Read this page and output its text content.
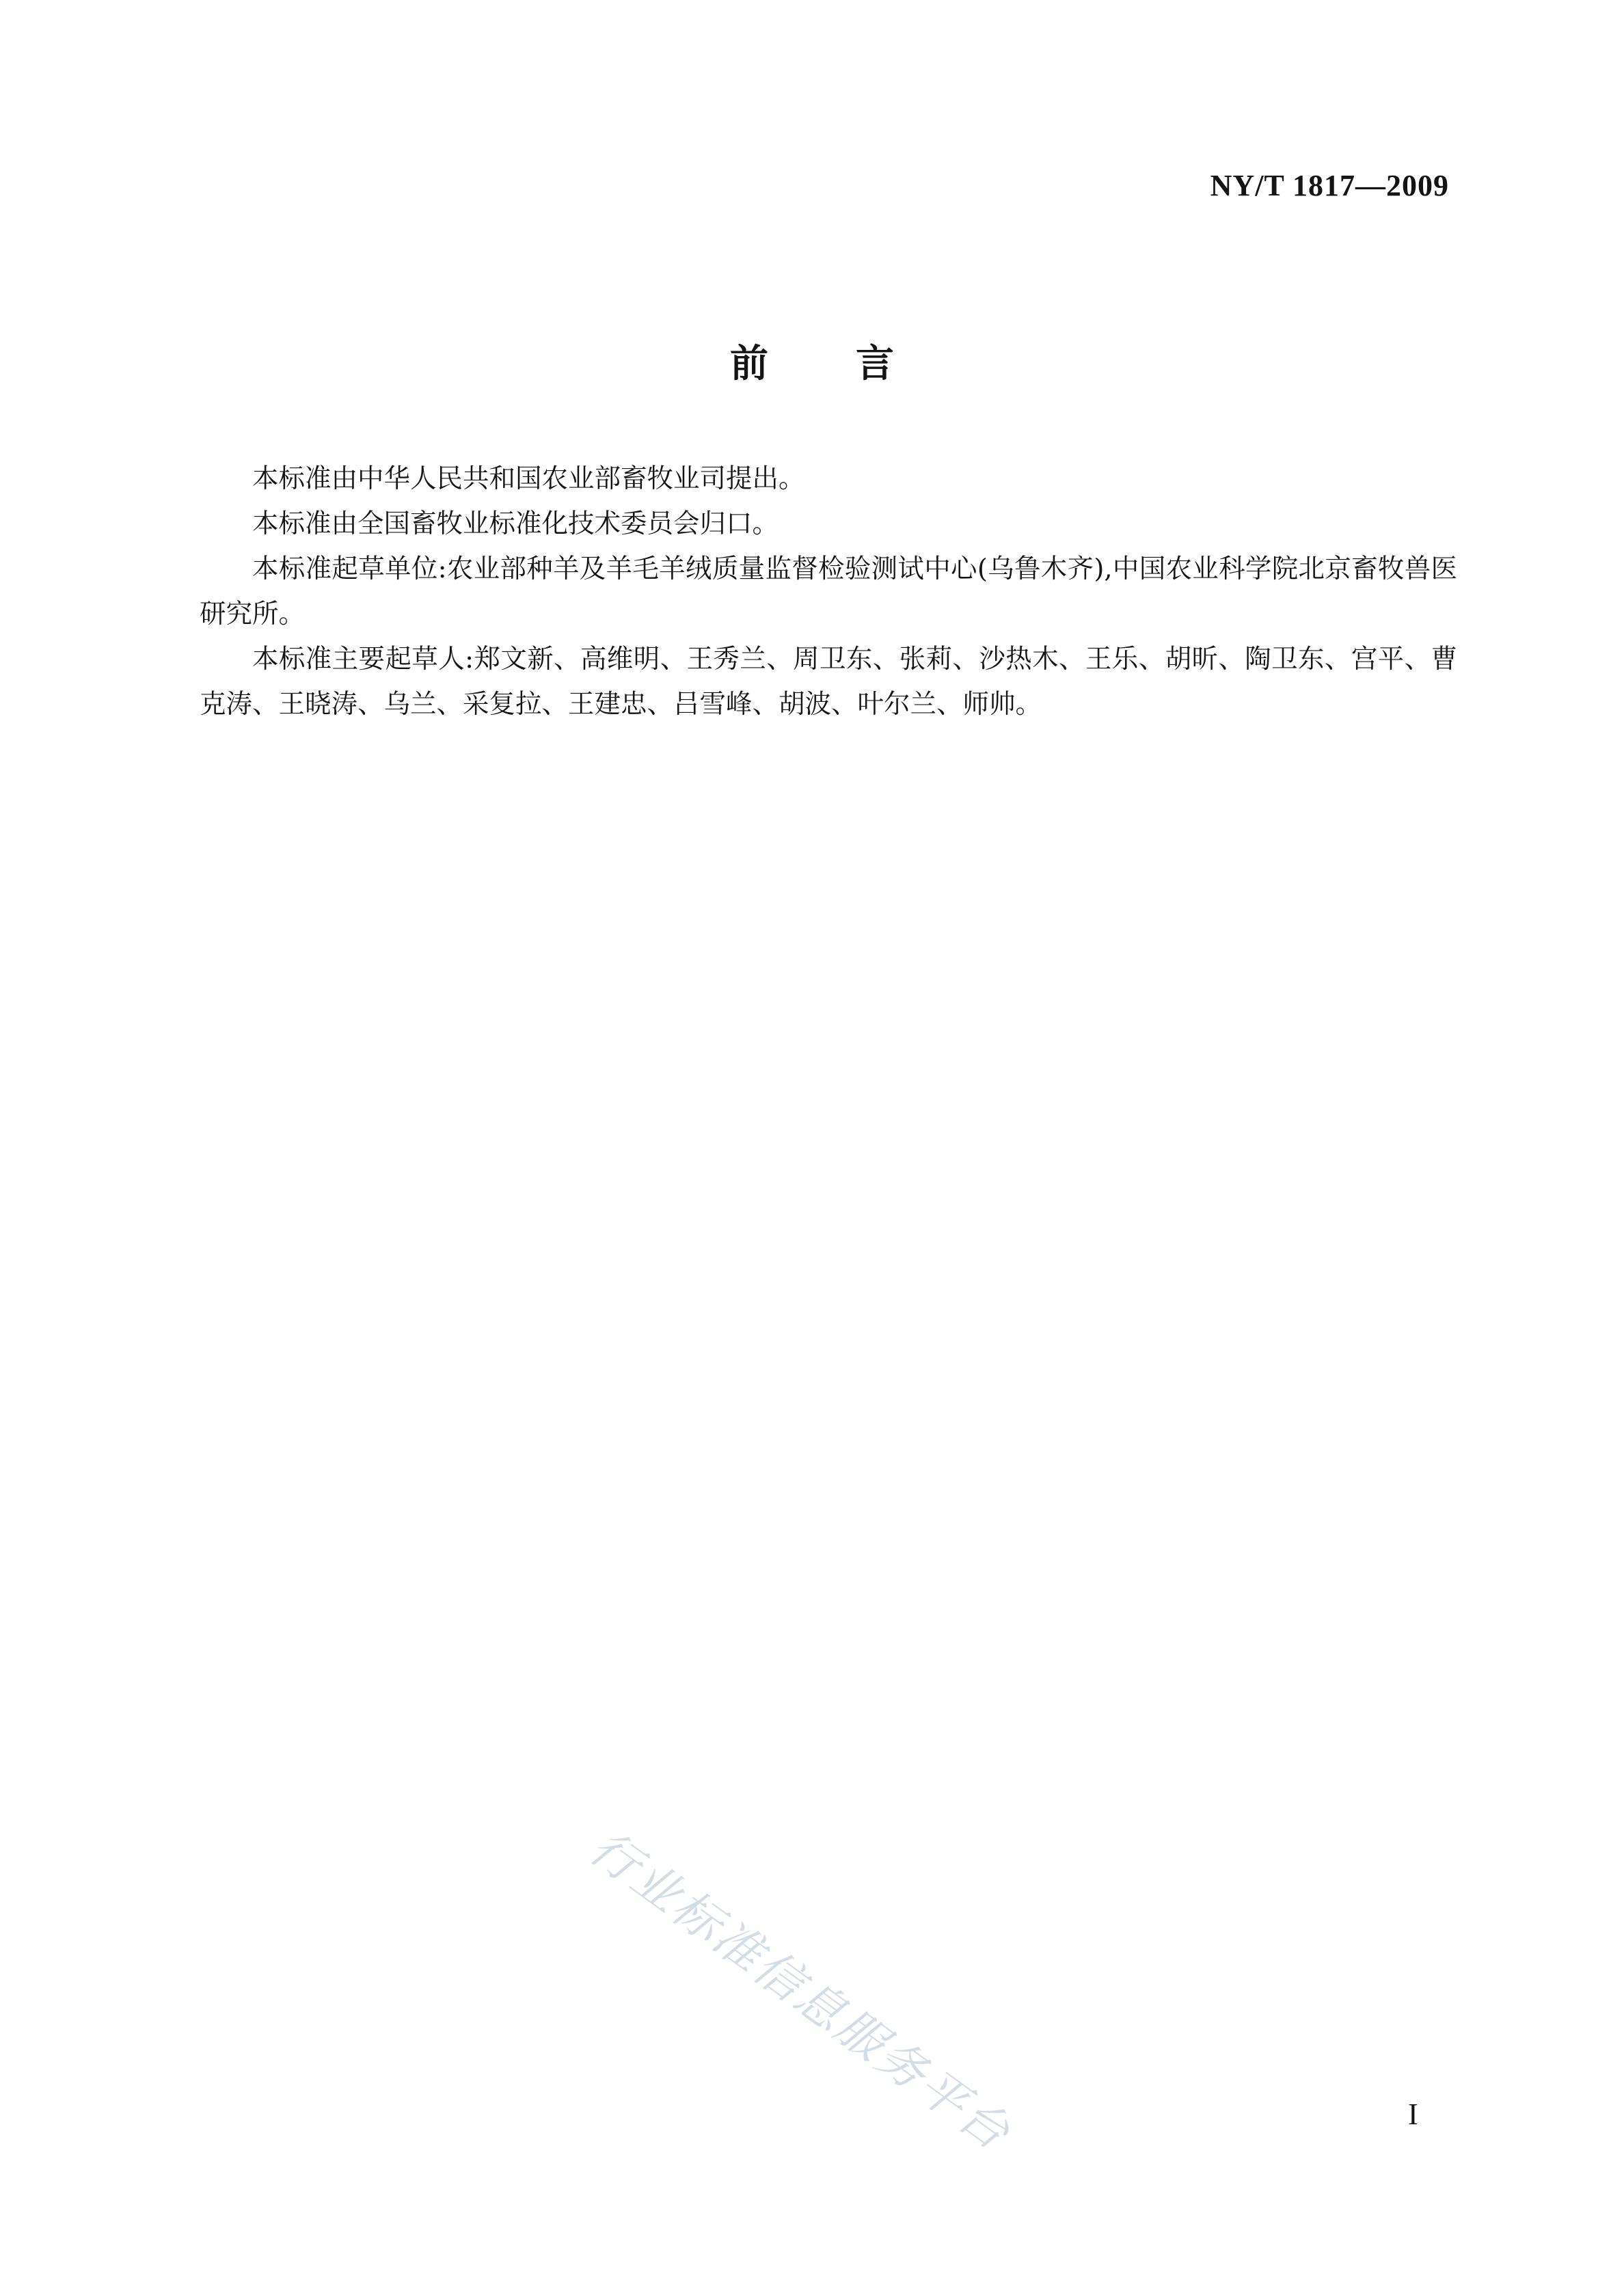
NY/T 1817—2009
前言

本标准由中华人民共和国农业部畜牧业司提出。

本标准由全国畜牧业标准化技术委员会归口。

本标准起草单位:农业部种羊及羊毛羊绒质量监督检验测试中心(乌鲁木齐),中国农业科学院北京畜牧兽医研究所。

本标准主要起草人:郑文新、高维明、王秀兰、周卫东、张莉、沙热木、王乐、胡昕、陶卫东、宫平、曹克涛、王晓涛、乌兰、采复拉、王建忠、吕雪峰、胡波、叶尔兰、师帅。

行业标准信息服务平台	I
